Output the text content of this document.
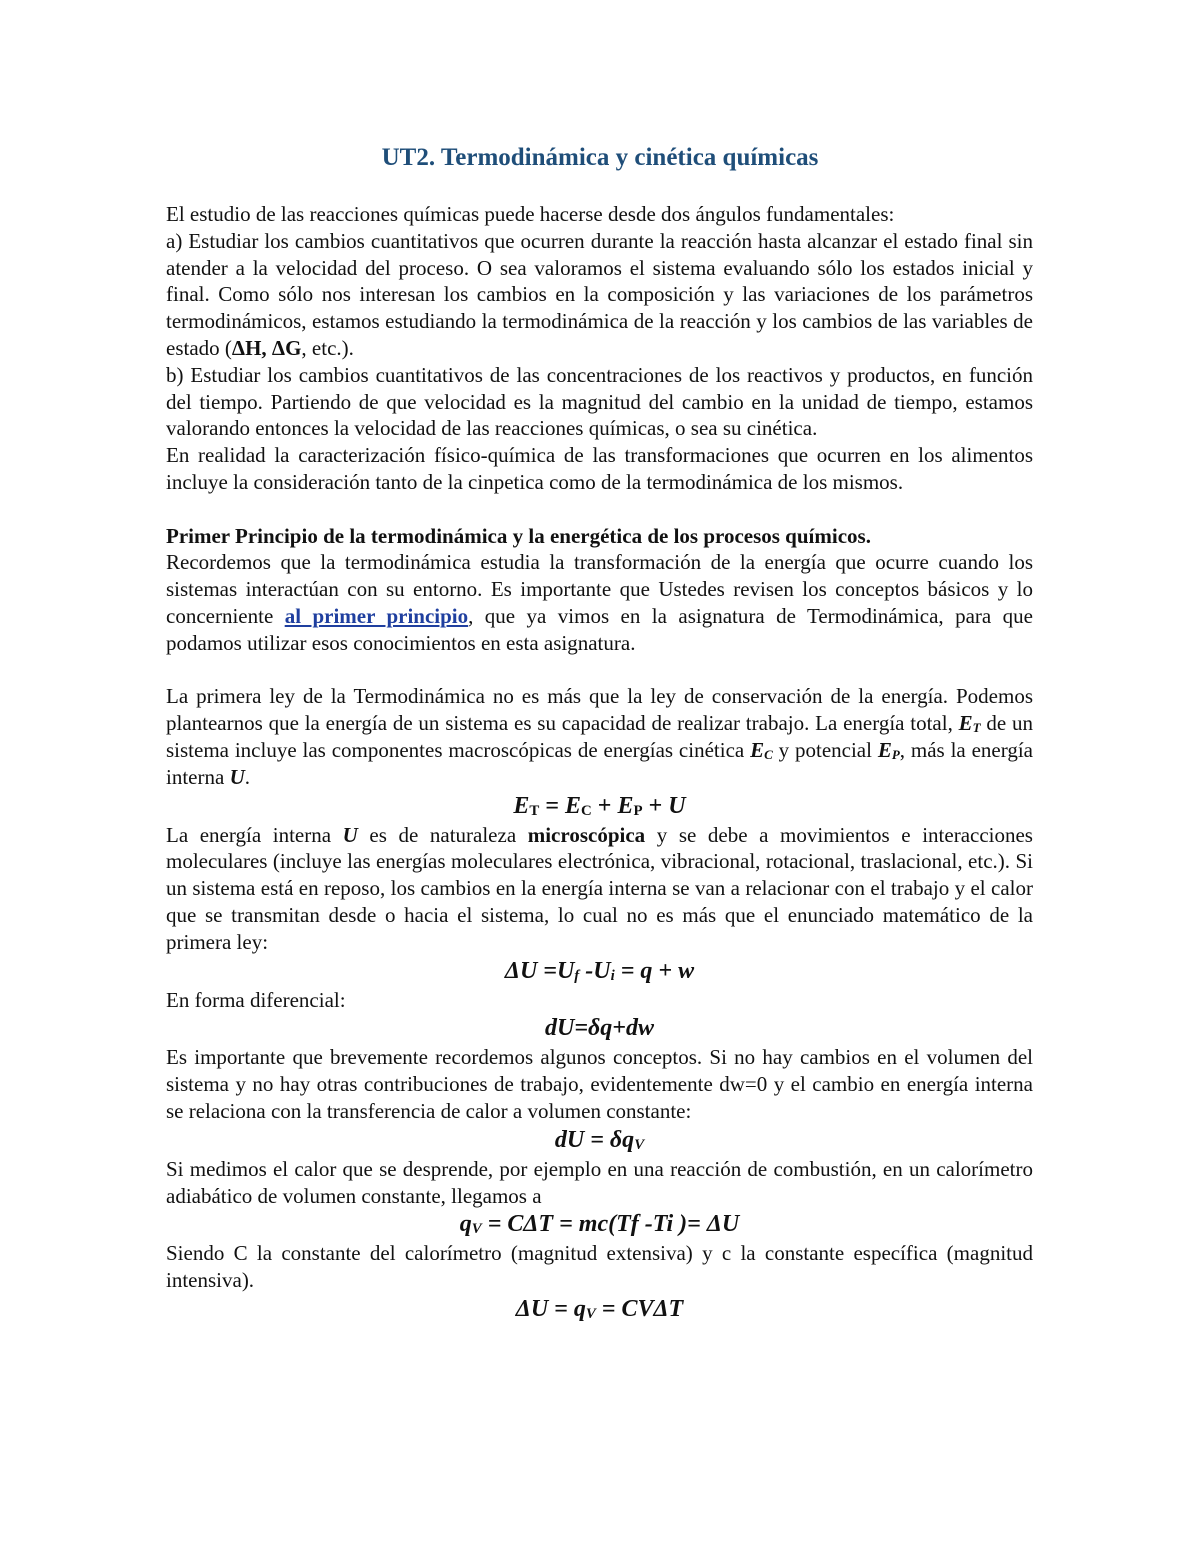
UT2. Termodinámica y cinética químicas

El estudio de las reacciones químicas puede hacerse desde dos ángulos fundamentales:

a) Estudiar los cambios cuantitativos que ocurren durante la reacción hasta alcanzar el estado final sin atender a la velocidad del proceso. O sea valoramos el sistema evaluando sólo los estados inicial y final. Como sólo nos interesan los cambios en la composición y las variaciones de los parámetros termodinámicos, estamos estudiando la termodinámica de la reacción y los cambios de las variables de estado (ΔH, ΔG, etc.).

b) Estudiar los cambios cuantitativos de las concentraciones de los reactivos y productos, en función del tiempo. Partiendo de que velocidad es la magnitud del cambio en la unidad de tiempo, estamos valorando entonces la velocidad de las reacciones químicas, o sea su cinética.

En realidad la caracterización físico-química de las transformaciones que ocurren en los alimentos incluye la consideración tanto de la cinpetica como de la termodinámica de los mismos.

Primer Principio de la termodinámica y la energética de los procesos químicos.

Recordemos que la termodinámica estudia la transformación de la energía que ocurre cuando los sistemas interactúan con su entorno. Es importante que Ustedes revisen los conceptos básicos y lo concerniente al primer principio, que ya vimos en la asignatura de Termodinámica, para que podamos utilizar esos conocimientos en esta asignatura.

La primera ley de la Termodinámica no es más que la ley de conservación de la energía. Podemos plantearnos que la energía de un sistema es su capacidad de realizar trabajo. La energía total, $E_T$ de un sistema incluye las componentes macroscópicas de energías cinética $E_C$ y potencial $E_P$, más la energía interna U.

$E_T = E_C + E_P + U$

La energía interna U es de naturaleza microscópica y se debe a movimientos e interacciones moleculares (incluye las energías moleculares electrónica, vibracional, rotacional, traslacional, etc.). Si un sistema está en reposo, los cambios en la energía interna se van a relacionar con el trabajo y el calor que se transmitan desde o hacia el sistema, lo cual no es más que el enunciado matemático de la primera ley:

$\Delta U =U_f$ $-U_i = q + w$

En forma diferencial:

dU=δq+dw

Es importante que brevemente recordemos algunos conceptos. Si no hay cambios en el volumen del sistema y no hay otras contribuciones de trabajo, evidentemente dw=0 y el cambio en energía interna se relaciona con la transferencia de calor a volumen constante:

dU = $\delta q_V$

Si medimos el calor que se desprende, por ejemplo en una reacción de combustión, en un calorímetro adiabático de volumen constante, llegamos a

$q_V = C\Delta T = mc(Tf$ -Ti )= ΔU

Siendo C la constante del calorímetro (magnitud extensiva) y c la constante específica (magnitud intensiva).

$\Delta U = q_V = CV\Delta T$
